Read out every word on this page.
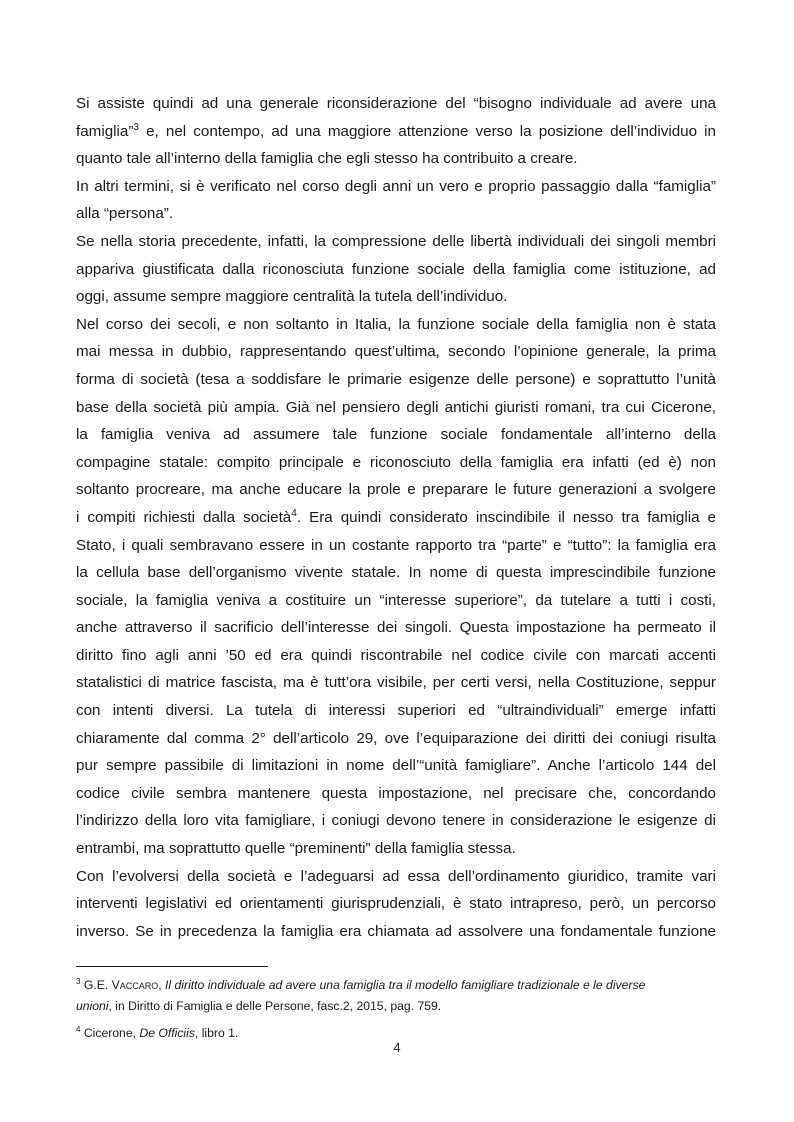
Si assiste quindi ad una generale riconsiderazione del “bisogno individuale ad avere una
famiglia”$^3$ e, nel contempo, ad una maggiore attenzione verso la posizione dell’individuo in
quanto tale all’interno della famiglia che egli stesso ha contribuito a creare.

In altri termini, si è verificato nel corso degli anni un vero e proprio passaggio dalla “famiglia”
alla “persona”.

Se nella storia precedente, infatti, la compressione delle libertà individuali dei singoli membri
appariva giustificata dalla riconosciuta funzione sociale della famiglia come istituzione, ad
oggi, assume sempre maggiore centralità la tutela dell’individuo.

Nel corso dei secoli, e non soltanto in Italia, la funzione sociale della famiglia non è stata
mai messa in dubbio, rappresentando quest’ultima, secondo l’opinione generale, la prima
forma di società (tesa a soddisfare le primarie esigenze delle persone) e soprattutto l’unità
base della società più ampia. Già nel pensiero degli antichi giuristi romani, tra cui Cicerone,
la famiglia veniva ad assumere tale funzione sociale fondamentale all’interno della
compagine statale: compito principale e riconosciuto della famiglia era infatti (ed è) non
soltanto procreare, ma anche educare la prole e preparare le future generazioni a svolgere
i compiti richiesti dalla società$^4$. Era quindi considerato inscindibile il nesso tra famiglia e
Stato, i quali sembravano essere in un costante rapporto tra “parte” e “tutto”: la famiglia era
la cellula base dell’organismo vivente statale. In nome di questa imprescindibile funzione
sociale, la famiglia veniva a costituire un “interesse superiore”, da tutelare a tutti i costi,
anche attraverso il sacrificio dell’interesse dei singoli. Questa impostazione ha permeato il
diritto fino agli anni ’50 ed era quindi riscontrabile nel codice civile con marcati accenti
statalistici di matrice fascista, ma è tutt’ora visibile, per certi versi, nella Costituzione, seppur
con intenti diversi. La tutela di interessi superiori ed “ultraindividuali” emerge infatti
chiaramente dal comma 2° dell’articolo 29, ove l’equiparazione dei diritti dei coniugi risulta
pur sempre passibile di limitazioni in nome dell’“unità famigliare”. Anche l’articolo 144 del
codice civile sembra mantenere questa impostazione, nel precisare che, concordando
l’indirizzo della loro vita famigliare, i coniugi devono tenere in considerazione le esigenze di
entrambi, ma soprattutto quelle “preminenti” della famiglia stessa.

Con l’evolversi della società e l’adeguarsi ad essa dell’ordinamento giuridico, tramite vari
interventi legislativi ed orientamenti giurisprudenziali, è stato intrapreso, però, un percorso
inverso. Se in precedenza la famiglia era chiamata ad assolvere una fondamentale funzione

$^3$ G.E. Vaccaro, Il diritto individuale ad avere una famiglia tra il modello famigliare tradizionale e le diverse
unioni, in Diritto di Famiglia e delle Persone, fasc.2, 2015, pag. 759.

$^4$ Cicerone, De Officiis, libro 1.

4
